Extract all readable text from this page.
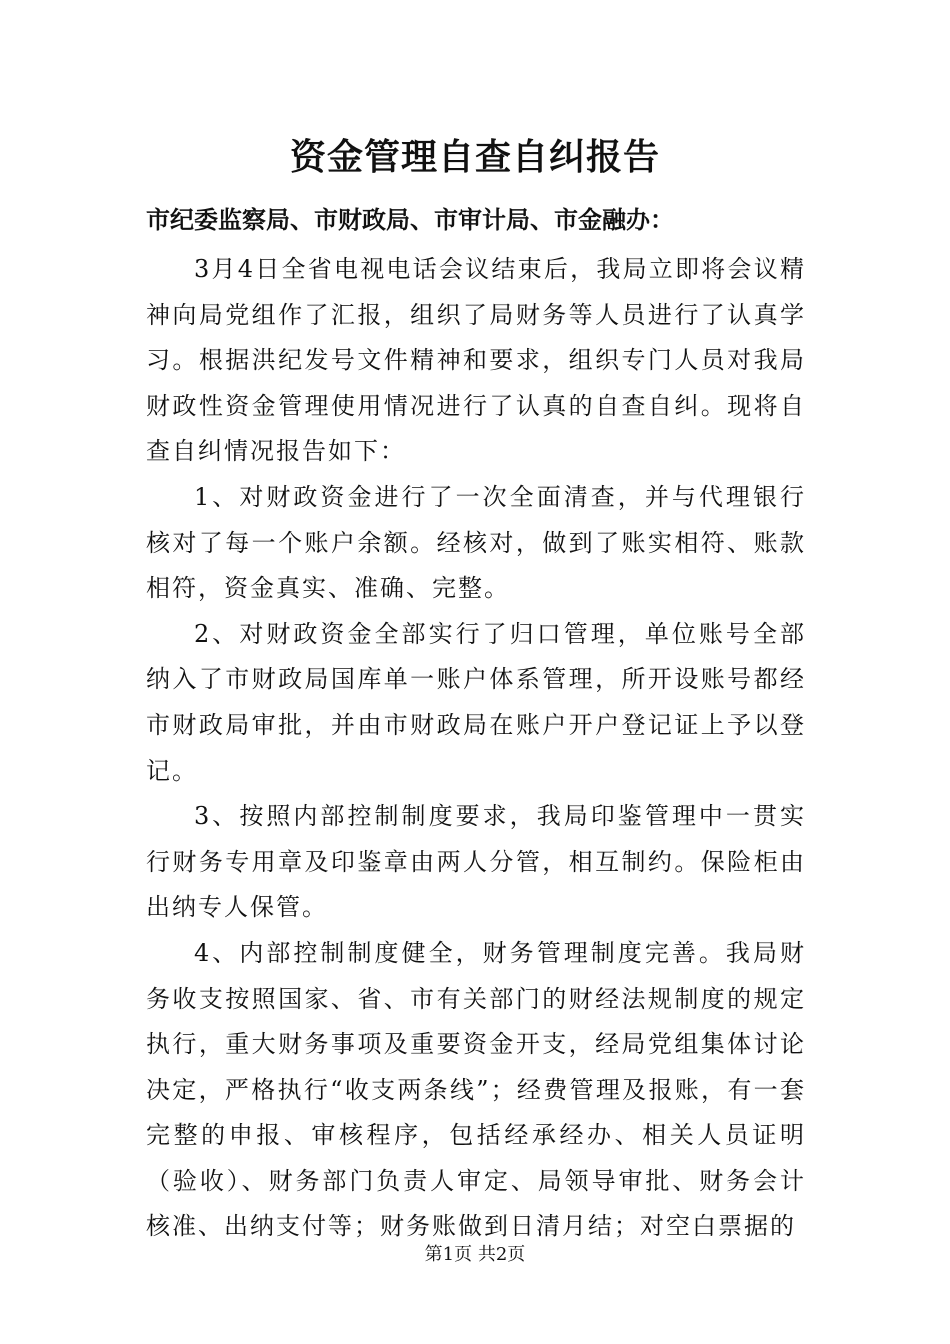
资金管理自查自纠报告
市纪委监察局、市财政局、市审计局、市金融办：

3月4日全省电视电话会议结束后，我局立即将会议精神向局党组作了汇报，组织了局财务等人员进行了认真学习。根据洪纪发号文件精神和要求，组织专门人员对我局财政性资金管理使用情况进行了认真的自查自纠。现将自查自纠情况报告如下：

1、对财政资金进行了一次全面清查，并与代理银行核对了每一个账户余额。经核对，做到了账实相符、账款相符，资金真实、准确、完整。

2、对财政资金全部实行了归口管理，单位账号全部纳入了市财政局国库单一账户体系管理，所开设账号都经市财政局审批，并由市财政局在账户开户登记证上予以登记。

3、按照内部控制制度要求，我局印鉴管理中一贯实行财务专用章及印鉴章由两人分管，相互制约。保险柜由出纳专人保管。

4、内部控制制度健全，财务管理制度完善。我局财务收支按照国家、省、市有关部门的财经法规制度的规定执行，重大财务事项及重要资金开支，经局党组集体讨论决定，严格执行“收支两条线”；经费管理及报账，有一套完整的申报、审核程序，包括经承经办、相关人员证明（验收）、财务部门负责人审定、局领导审批、财务会计核准、出纳支付等；财务账做到日清月结；对空白票据的

第1页 共2页
